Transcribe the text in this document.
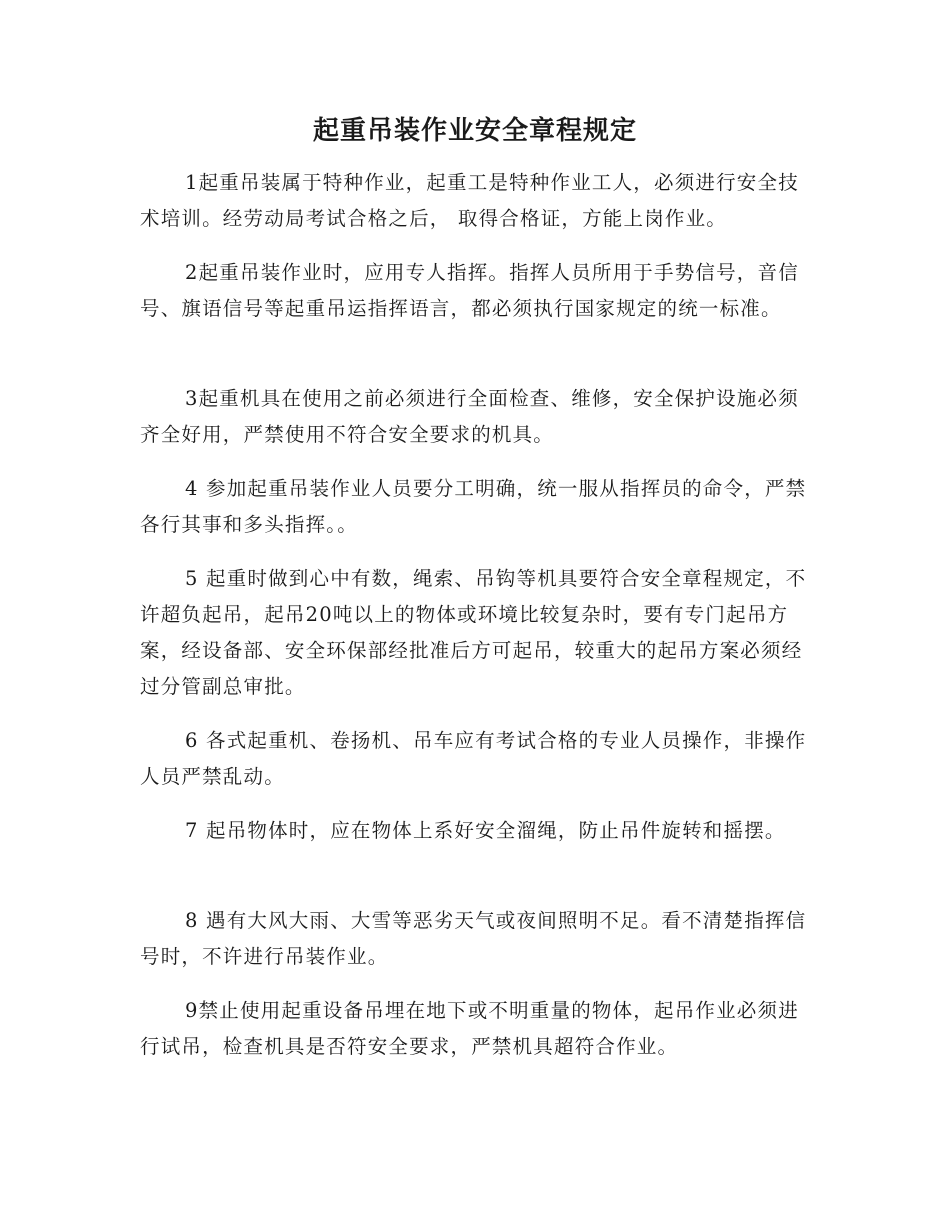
起重吊装作业安全章程规定

1起重吊装属于特种作业，起重工是特种作业工人，必须进行安全技术培训。经劳动局考试合格之后， 取得合格证，方能上岗作业。

2起重吊装作业时，应用专人指挥。指挥人员所用于手势信号，音信号、旗语信号等起重吊运指挥语言，都必须执行国家规定的统一标准。

3起重机具在使用之前必须进行全面检查、维修，安全保护设施必须齐全好用，严禁使用不符合安全要求的机具。

4 参加起重吊装作业人员要分工明确，统一服从指挥员的命令，严禁各行其事和多头指挥。。

5 起重时做到心中有数，绳索、吊钩等机具要符合安全章程规定，不许超负起吊，起吊20吨以上的物体或环境比较复杂时，要有专门起吊方案，经设备部、安全环保部经批准后方可起吊，较重大的起吊方案必须经过分管副总审批。

6 各式起重机、卷扬机、吊车应有考试合格的专业人员操作，非操作人员严禁乱动。

7 起吊物体时，应在物体上系好安全溜绳，防止吊件旋转和摇摆。

8 遇有大风大雨、大雪等恶劣天气或夜间照明不足。看不清楚指挥信号时，不许进行吊装作业。

9禁止使用起重设备吊埋在地下或不明重量的物体，起吊作业必须进行试吊，检查机具是否符安全要求，严禁机具超符合作业。
